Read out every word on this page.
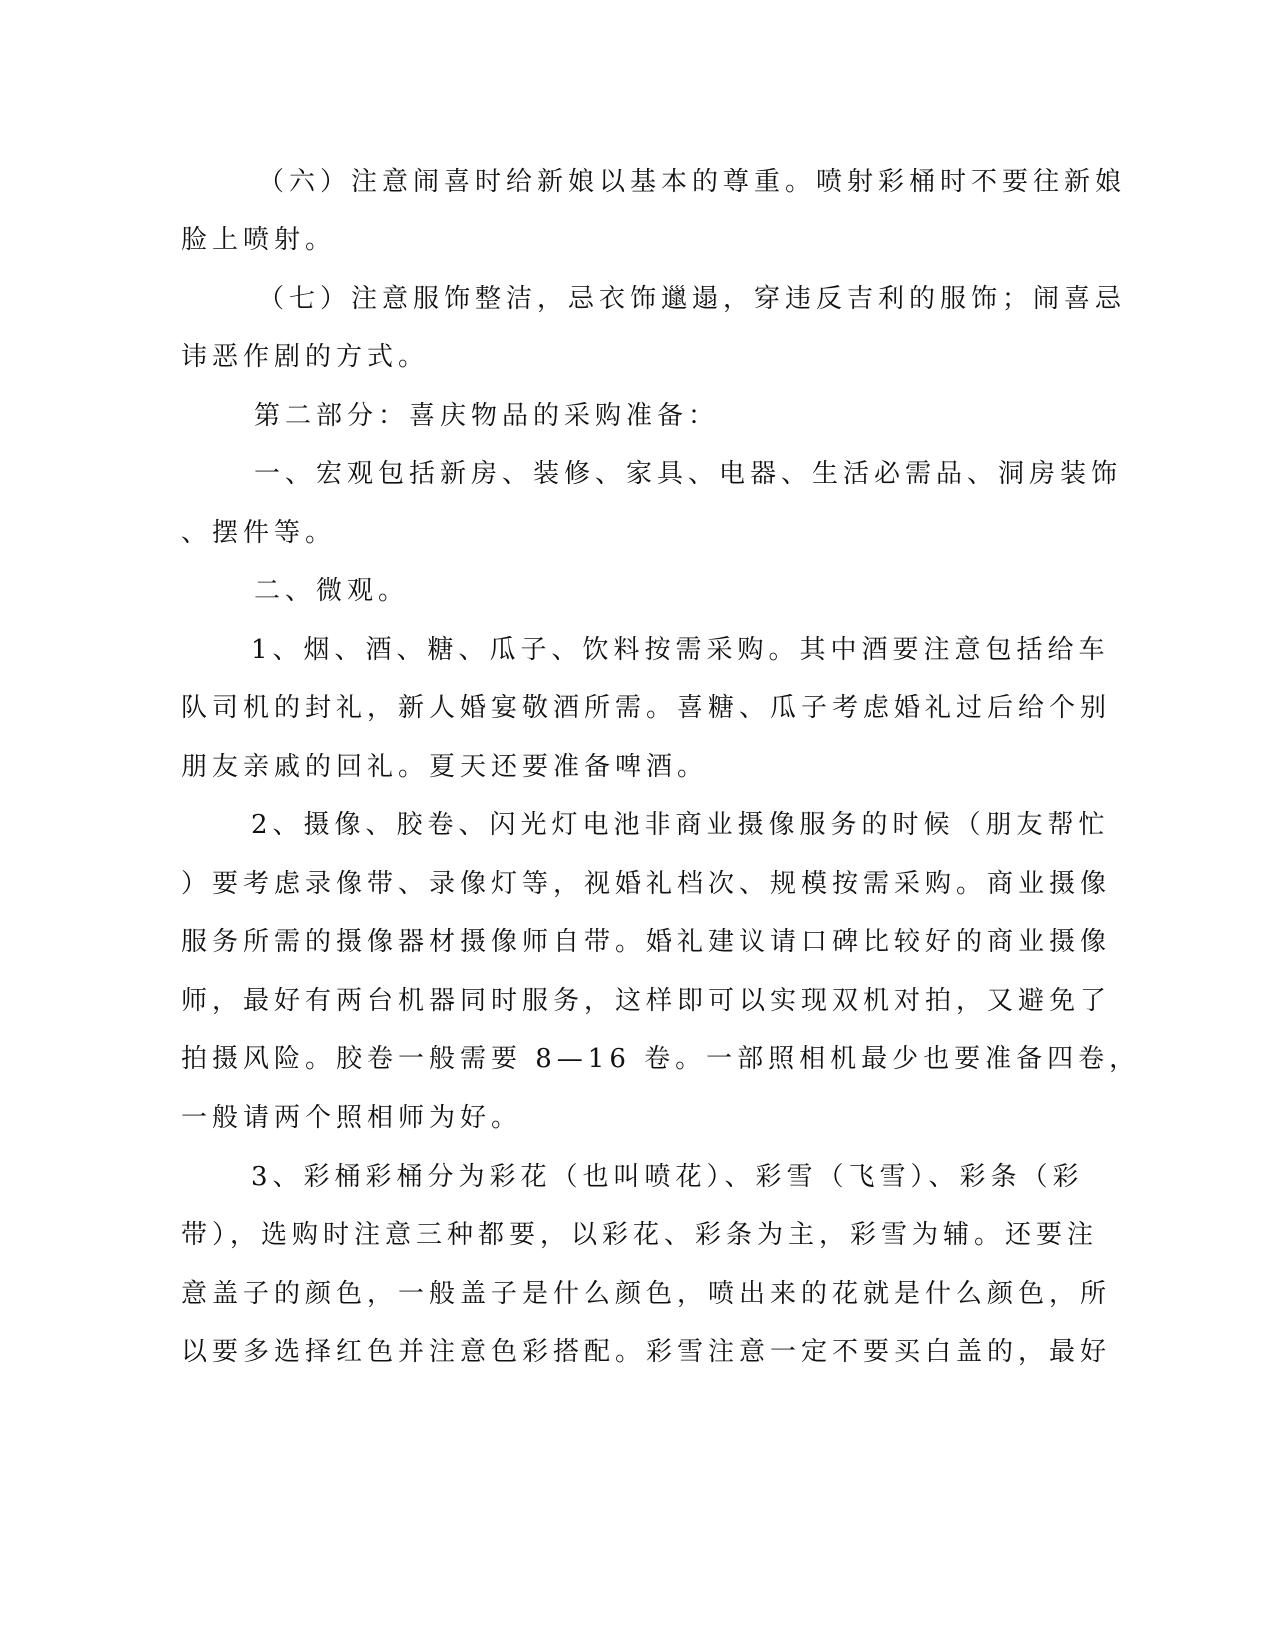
（六）注意闹喜时给新娘以基本的尊重。喷射彩桶时不要往新娘
脸上喷射。
（七）注意服饰整洁，忌衣饰邋遢，穿违反吉利的服饰；闹喜忌
讳恶作剧的方式。
第二部分：喜庆物品的采购准备：
一、宏观包括新房、装修、家具、电器、生活必需品、洞房装饰
、摆件等。
二、微观。
1、烟、酒、糖、瓜子、饮料按需采购。其中酒要注意包括给车
队司机的封礼，新人婚宴敬酒所需。喜糖、瓜子考虑婚礼过后给个别
朋友亲戚的回礼。夏天还要准备啤酒。
2、摄像、胶卷、闪光灯电池非商业摄像服务的时候（朋友帮忙
）要考虑录像带、录像灯等，视婚礼档次、规模按需采购。商业摄像
服务所需的摄像器材摄像师自带。婚礼建议请口碑比较好的商业摄像
师，最好有两台机器同时服务，这样即可以实现双机对拍，又避免了
拍摄风险。胶卷一般需要 8—16 卷。一部照相机最少也要准备四卷，
一般请两个照相师为好。
3、彩桶彩桶分为彩花（也叫喷花）、彩雪（飞雪）、彩条（彩
带），选购时注意三种都要，以彩花、彩条为主，彩雪为辅。还要注
意盖子的颜色，一般盖子是什么颜色，喷出来的花就是什么颜色，所
以要多选择红色并注意色彩搭配。彩雪注意一定不要买白盖的，最好
